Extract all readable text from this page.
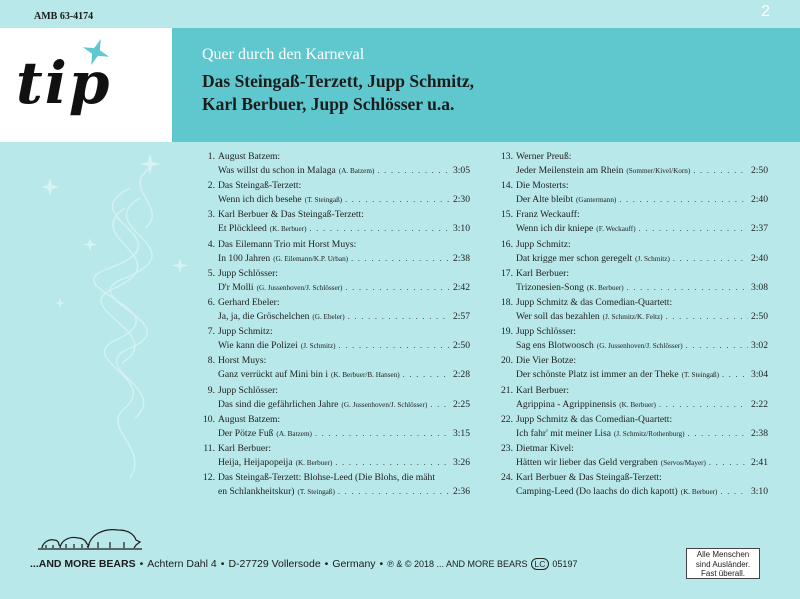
AMB 63-4174	2
tip	Quer durch den Karneval
Das Steingaß-Terzett, Jupp Schmitz,
Karl Berbuer, Jupp Schlösser u.a.
1. August Batzem:
Was willst du schon in Malaga (A. Batzem) . . .	3:05
2. Das Steingaß-Terzett:
Wenn ich dich besehe (T. Steingaß) . . .	2:30
3. Karl Berbuer & Das Steingaß-Terzett:
Et Plöckleed (K. Berbuer) . . .	3:10
4. Das Eilemann Trio mit Horst Muys:
In 100 Jahren (G. Eilemann/K.P. Urban) . . .	2:38
5. Jupp Schlösser:
D'r Molli (G. Jussenhoven/J. Schlösser) . . .	2:42
6. Gerhard Ebeler:
Ja, ja, die Gröschelchen (G. Ebeler) . . .	2:57
7. Jupp Schmitz:
Wie kann die Polizei (J. Schmitz) . . .	2:50
8. Horst Muys:
Ganz verrückt auf Mini bin i (K. Berbuer/B. Hansen) . . .	2:28
9. Jupp Schlösser:
Das sind die gefährlichen Jahre (G. Jussenhoven/J. Schlösser) . . .	2:25
10. August Batzem:
Der Pötze Fuß (A. Batzem) . . .	3:15
11. Karl Berbuer:
Heija, Heijapopeija (K. Berbuer) . . .	3:26
12. Das Steingaß-Terzett: Blohse-Leed (Die Blohs, die mäht
en Schlankheitskur) (T. Steingaß) . . .	2:36
13. Werner Preuß:
Jeder Meilenstein am Rhein (Sommer/Kivel/Korn) . . .	2:50
14. Die Mosterts:
Der Alte bleibt (Gantermann) . . .	2:40
15. Franz Weckauff:
Wenn ich dir kniepe (F. Weckauff) . . .	2:37
16. Jupp Schmitz:
Dat krigge mer schon geregelt (J. Schmitz) . . .	2:40
17. Karl Berbuer:
Trizonesien-Song (K. Berbuer) . . .	3:08
18. Jupp Schmitz & das Comedian-Quartett:
Wer soll das bezahlen (J. Schmitz/K. Feltz) . . .	2:50
19. Jupp Schlösser:
Sag ens Blotwoosch (G. Jussenhoven/J. Schlösser) . . .	3:02
20. Die Vier Botze:
Der schönste Platz ist immer an der Theke (T. Steingaß) . . .	3:04
21. Karl Berbuer:
Agrippina - Agrippinensis (K. Berbuer) . . .	2:22
22. Jupp Schmitz & das Comedian-Quartett:
Ich fahr' mit meiner Lisa (J. Schmitz/Rothenburg) . . .	2:38
23. Dietmar Kivel:
Hätten wir lieber das Geld vergraben (Servos/Mayer) . . .	2:41
24. Karl Berbuer & Das Steingaß-Terzett:
Camping-Leed (Do laachs do dich kapott) (K. Berbuer) . . .	3:10
...AND MORE BEARS • Achtern Dahl 4 • D-27729 Vollersode • Germany • ℗ & © 2018 ... AND MORE BEARS LC 05197
Alle Menschen
sind Ausländer.
Fast überall.
